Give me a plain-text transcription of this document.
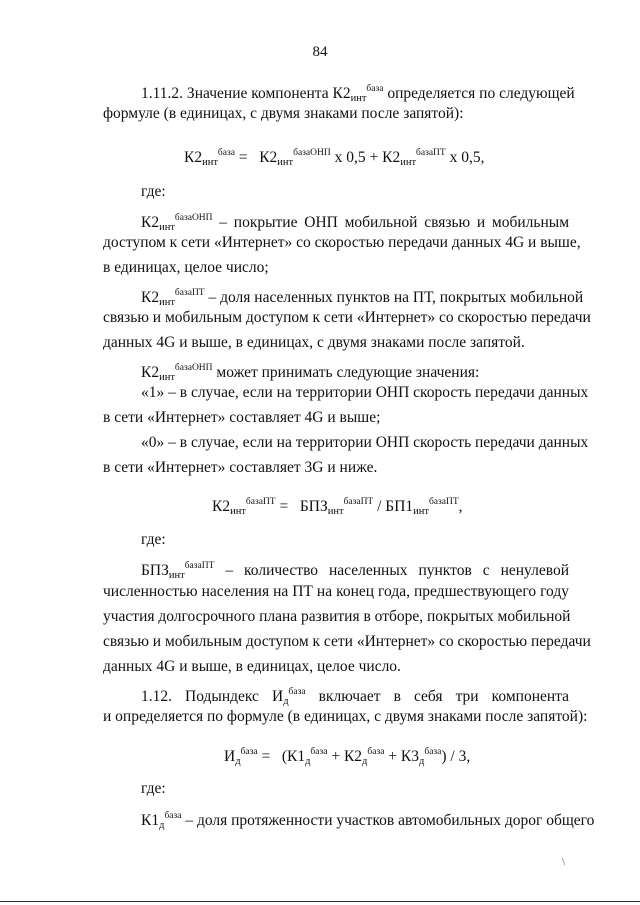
84
1.11.2. Значение компонента $К2_{инт}^{база}$ определяется по следующей
формуле (в единицах, с двумя знаками после запятой):
$К2_{инт}^{база} = К2_{инт}^{базаОНП}$ х $0,5 + К2_{инт}^{базаПТ}$ х 0,5,
где:
$К2_{инт}^{базаОНП}$ – покрытие ОНП мобильной связью и мобильным
доступом к сети «Интернет» со скоростью передачи данных 4G и выше,
в единицах, целое число;
$К2_{инт}^{базаПТ}$ – доля населенных пунктов на ПТ, покрытых мобильной
связью и мобильным доступом к сети «Интернет» со скоростью передачи
данных 4G и выше, в единицах, с двумя знаками после запятой.
$К2_{инт}^{базаОНП}$ может принимать следующие значения:
«1» – в случае, если на территории ОНП скорость передачи данных
в сети «Интернет» составляет 4G и выше;
«0» – в случае, если на территории ОНП скорость передачи данных
в сети «Интернет» составляет 3G и ниже.
$К2_{инт}^{базаПТ} = БПЗ_{инт}^{базаПТ} / БП1_{инт}^{базаПТ}$,
где:
$БПЗ_{инт}^{базаПТ}$ – количество населенных пунктов с ненулевой
численностью населения на ПТ на конец года, предшествующего году
участия долгосрочного плана развития в отборе, покрытых мобильной
связью и мобильным доступом к сети «Интернет» со скоростью передачи
данных 4G и выше, в единицах, целое число.
1.12. Подындекс $И_д^{база}$ включает в себя три компонента
и определяется по формуле (в единицах, с двумя знаками после запятой):
$И_д^{база} = (К1_д^{база} + К2_д^{база} + К3_д^{база}) / 3$,
где:
$К1_д^{база}$ – доля протяженности участков автомобильных дорог общего
\
